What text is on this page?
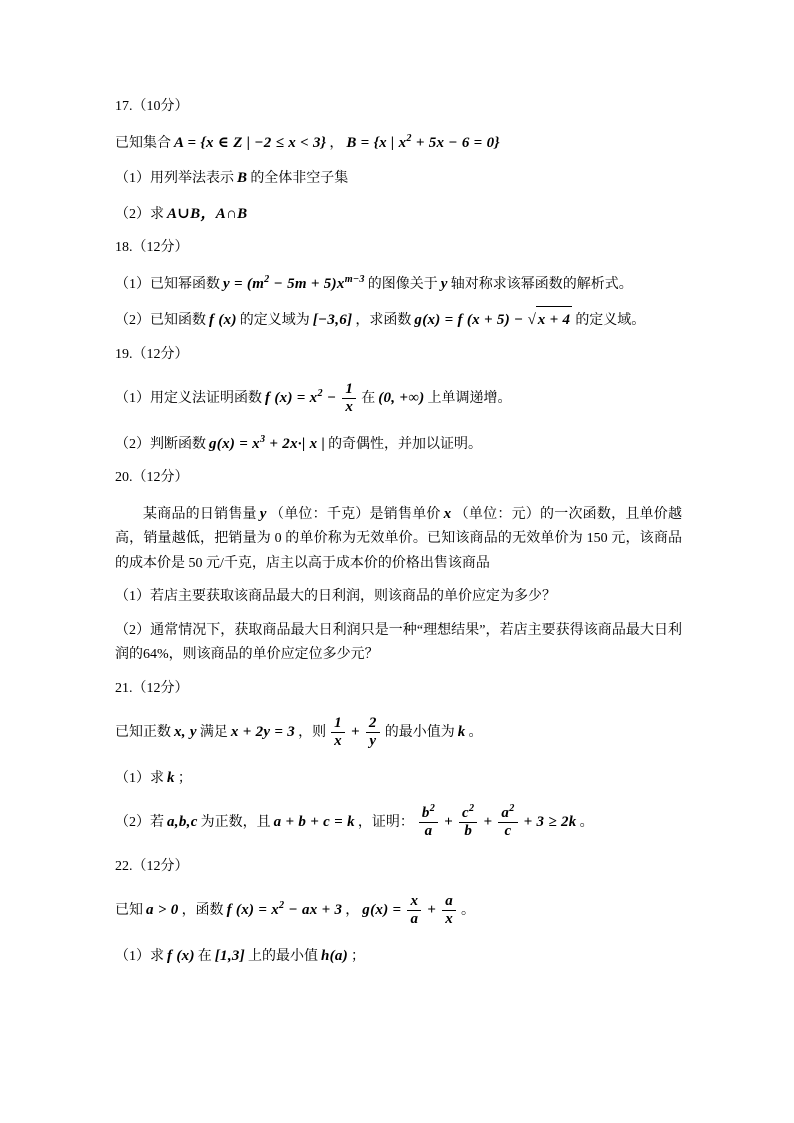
17.（10分）

已知集合 A = {x ∈ Z | −2 ≤ x < 3} ， B = {x | $x^2 + 5x - 6 = 0$}

（1）用列举法表示 B 的全体非空子集

（2）求 A∪B，A∩B

18.（12分）

（1）已知幂函数 $y = (m^2 - 5m + 5)x^{m-3}$ 的图像关于 y 轴对称求该幂函数的解析式。

（2）已知函数 f (x) 的定义域为 [−3,6] ，求函数 g(x) = f (x + 5) − √ x + 4 的定义域。

19.（12分）

（1）用定义法证明函数 f $(x) = x^2 - \frac{1}{x}$ 在 (0, +∞) 上单调递增。

（2）判断函数 $g(x) = x^3 + 2x\cdot|$ x | 的奇偶性，并加以证明。

20.（12分）

某商品的日销售量 y （单位：千克）是销售单价 x （单位：元）的一次函数，且单价越高，销量越低，把销量为 0 的单价称为无效单价。已知该商品的无效单价为 150 元，该商品的成本价是 50 元/千克，店主以高于成本价的价格出售该商品

（1）若店主要获取该商品最大的日利润，则该商品的单价应定为多少？

（2）通常情况下，获取商品最大日利润只是一种“理想结果”，若店主要获得该商品最大日利润的64%，则该商品的单价应定位多少元？

21.（12分）

已知正数 x, y 满足 x + 2y = 3 ，则 $\frac{1}{x} + \frac{2}{y}$ 的最小值为 k 。

（1）求 k ；

（2）若 a,b,c 为正数，且 a + b + c = k ，证明： $\frac{b^2}{a} + \frac{c^2}{b} + \frac{a^2}{c} + 3 \ge 2k$ 。

22.（12分）

已知 a > 0 ，函数 f $(x) = x^2$ − ax + 3 ， $g(x) = \frac{x}{a} + \frac{a}{x}$ 。

（1）求 f (x) 在 [1,3] 上的最小值 h(a) ；
